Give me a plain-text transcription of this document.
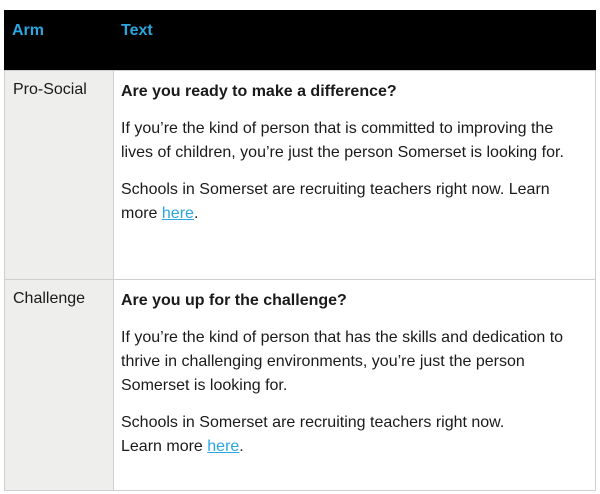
Arm	Text
Pro-Social Are you ready to make a difference?

If you’re the kind of person that is committed to improving the lives of children, you’re just the person Somerset is looking for.

Schools in Somerset are recruiting teachers right now. Learn more here.

Challenge Are you up for the challenge?

If you’re the kind of person that has the skills and dedication to thrive in challenging environments, you’re just the person Somerset is looking for.

Schools in Somerset are recruiting teachers right now. Learn more here.
